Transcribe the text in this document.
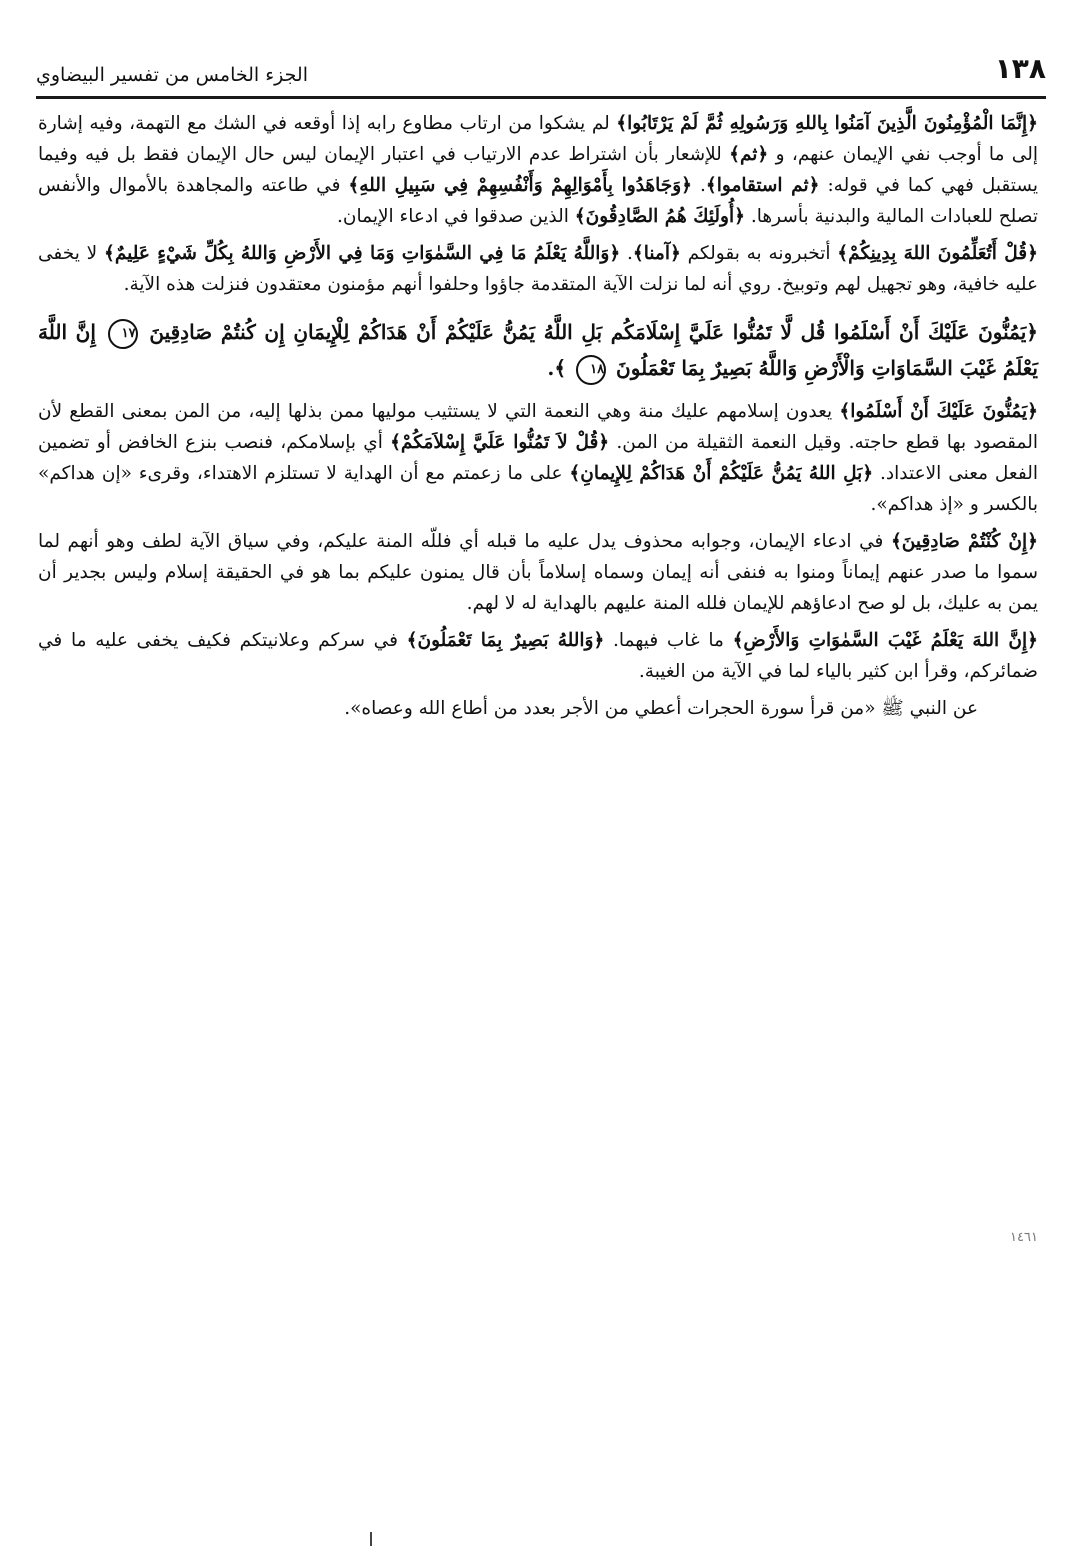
١٣٨
الجزء الخامس من تفسير البيضاوي

﴿إِنَّمَا الْمُؤْمِنُونَ الَّذِينَ آمَنُوا بِاللهِ وَرَسُولِهِ ثُمَّ لَمْ يَرْتَابُوا﴾ لم يشكوا من ارتاب مطاوع رابه إذا أوقعه في الشك مع التهمة، وفيه إشارة إلى ما أوجب نفي الإيمان عنهم، و ﴿ثم﴾ للإشعار بأن اشتراط عدم الارتياب في اعتبار الإيمان ليس حال الإيمان فقط بل فيه وفيما يستقبل فهي كما في قوله: ﴿ثم استقاموا﴾. ﴿وَجَاهَدُوا بِأَمْوَالِهِمْ وَأَنْفُسِهِمْ فِي سَبِيلِ اللهِ﴾ في طاعته والمجاهدة بالأموال والأنفس تصلح للعبادات المالية والبدنية بأسرها. ﴿أُولَئِكَ هُمُ الصَّادِقُونَ﴾ الذين صدقوا في ادعاء الإيمان.

﴿قُلْ أَتُعَلِّمُونَ اللهَ بِدِينِكُمْ﴾ أتخبرونه به بقولكم ﴿آمنا﴾. ﴿وَاللَّهُ يَعْلَمُ مَا فِي السَّمٰوَاتِ وَمَا فِي الأَرْضِ وَاللهُ بِكُلِّ شَيْءٍ عَلِيمٌ﴾ لا يخفى عليه خافية، وهو تجهيل لهم وتوبيخ. روي أنه لما نزلت الآية المتقدمة جاؤوا وحلفوا أنهم مؤمنون معتقدون فنزلت هذه الآية.

﴿يَمُنُّونَ عَلَيْكَ أَنْ أَسْلَمُوا قُل لَّا تَمُنُّوا عَلَيَّ إِسْلَامَكُم بَلِ اللَّهُ يَمُنُّ عَلَيْكُمْ أَنْ هَدَاكُمْ لِلْإِيمَانِ إِن كُنتُمْ صَادِقِينَ ١٧ إِنَّ اللَّهَ يَعْلَمُ غَيْبَ السَّمَاوَاتِ وَالْأَرْضِ وَاللَّهُ بَصِيرٌ بِمَا تَعْمَلُونَ ١٨ ﴾.

﴿يَمُنُّونَ عَلَيْكَ أَنْ أَسْلَمُوا﴾ يعدون إسلامهم عليك منة وهي النعمة التي لا يستثيب موليها ممن بذلها إليه، من المن بمعنى القطع لأن المقصود بها قطع حاجته. وقيل النعمة الثقيلة من المن. ﴿قُلْ لاَ تَمُنُّوا عَلَيَّ إِسْلاَمَكُمْ﴾ أي بإسلامكم، فنصب بنزع الخافض أو تضمين الفعل معنى الاعتداد. ﴿بَلِ اللهُ يَمُنُّ عَلَيْكُمْ أَنْ هَدَاكُمْ لِلإِيمانِ﴾ على ما زعمتم مع أن الهداية لا تستلزم الاهتداء، وقرىء «إن هداكم» بالكسر و «إذ هداكم».

﴿إِنْ كُنْتُمْ صَادِقِينَ﴾ في ادعاء الإيمان، وجوابه محذوف يدل عليه ما قبله أي فللّه المنة عليكم، وفي سياق الآية لطف وهو أنهم لما سموا ما صدر عنهم إيماناً ومنوا به فنفى أنه إيمان وسماه إسلاماً بأن قال يمنون عليكم بما هو في الحقيقة إسلام وليس بجدير أن يمن به عليك، بل لو صح ادعاؤهم للإيمان فلله المنة عليهم بالهداية له لا لهم.

﴿إِنَّ اللهَ يَعْلَمُ غَيْبَ السَّمٰوَاتِ وَالأَرْضِ﴾ ما غاب فيهما. ﴿وَاللهُ بَصِيرٌ بِمَا تَعْمَلُونَ﴾ في سركم وعلانيتكم فكيف يخفى عليه ما في ضمائركم، وقرأ ابن كثير بالياء لما في الآية من الغيبة.

عن النبي ﷺ «من قرأ سورة الحجرات أعطي من الأجر بعدد من أطاع الله وعصاه».

١٤٦١
